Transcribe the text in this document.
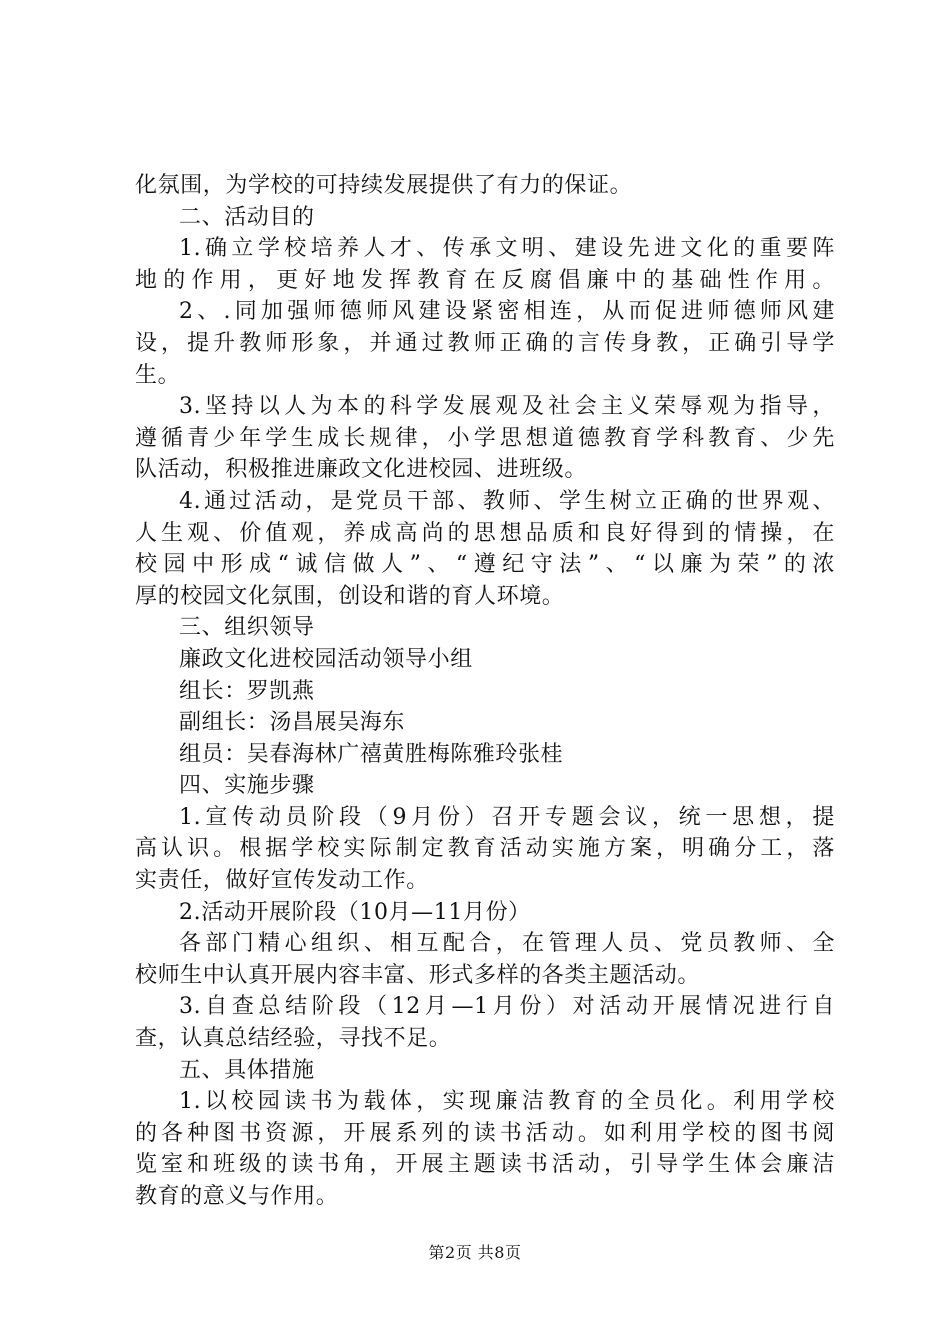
化氛围，为学校的可持续发展提供了有力的保证。
二、活动目的
1.确立学校培养人才、传承文明、建设先进文化的重要阵
地的作用，更好地发挥教育在反腐倡廉中的基础性作用。
2、.同加强师德师风建设紧密相连，从而促进师德师风建
设，提升教师形象，并通过教师正确的言传身教，正确引导学
生。
3.坚持以人为本的科学发展观及社会主义荣辱观为指导，
遵循青少年学生成长规律，小学思想道德教育学科教育、少先
队活动，积极推进廉政文化进校园、进班级。
4.通过活动，是党员干部、教师、学生树立正确的世界观、
人生观、价值观，养成高尚的思想品质和良好得到的情操，在
校园中形成“诚信做人”、“遵纪守法”、“以廉为荣”的浓
厚的校园文化氛围，创设和谐的育人环境。
三、组织领导
廉政文化进校园活动领导小组
组长：罗凯燕
副组长：汤昌展吴海东
组员：吴春海林广禧黄胜梅陈雅玲张桂
四、实施步骤
1.宣传动员阶段（9月份）召开专题会议，统一思想，提
高认识。根据学校实际制定教育活动实施方案，明确分工，落
实责任，做好宣传发动工作。
2.活动开展阶段（10月—11月份）
各部门精心组织、相互配合，在管理人员、党员教师、全
校师生中认真开展内容丰富、形式多样的各类主题活动。
3.自查总结阶段（12月—1月份）对活动开展情况进行自
查，认真总结经验，寻找不足。
五、具体措施
1.以校园读书为载体，实现廉洁教育的全员化。利用学校
的各种图书资源，开展系列的读书活动。如利用学校的图书阅
览室和班级的读书角，开展主题读书活动，引导学生体会廉洁
教育的意义与作用。
第2页 共8页
